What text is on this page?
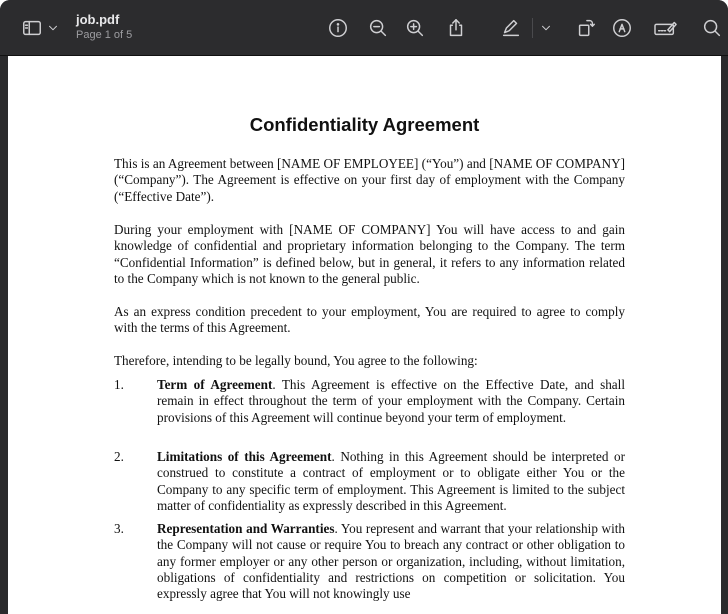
job.pdf
Page 1 of 5
Confidentiality Agreement
This is an Agreement between [NAME OF EMPLOYEE] (“You”) and [NAME OF COMPANY] (“Company”). The Agreement is effective on your first day of employment with the Company (“Effective Date”).
During your employment with [NAME OF COMPANY] You will have access to and gain knowledge of confidential and proprietary information belonging to the Company. The term “Confidential Information” is defined below, but in general, it refers to any information related to the Company which is not known to the general public.
As an express condition precedent to your employment, You are required to agree to comply with the terms of this Agreement.
Therefore, intending to be legally bound, You agree to the following:
1.	Term of Agreement. This Agreement is effective on the Effective Date, and shall remain in effect throughout the term of your employment with the Company. Certain provisions of this Agreement will continue beyond your term of employment.
2.	Limitations of this Agreement. Nothing in this Agreement should be interpreted or construed to constitute a contract of employment or to obligate either You or the Company to any specific term of employment. This Agreement is limited to the subject matter of confidentiality as expressly described in this Agreement.
3.	Representation and Warranties. You represent and warrant that your relationship with the Company will not cause or require You to breach any contract or other obligation to any former employer or any other person or organization, including, without limitation, obligations of confidentiality and restrictions on competition or solicitation. You expressly agree that You will not knowingly use
